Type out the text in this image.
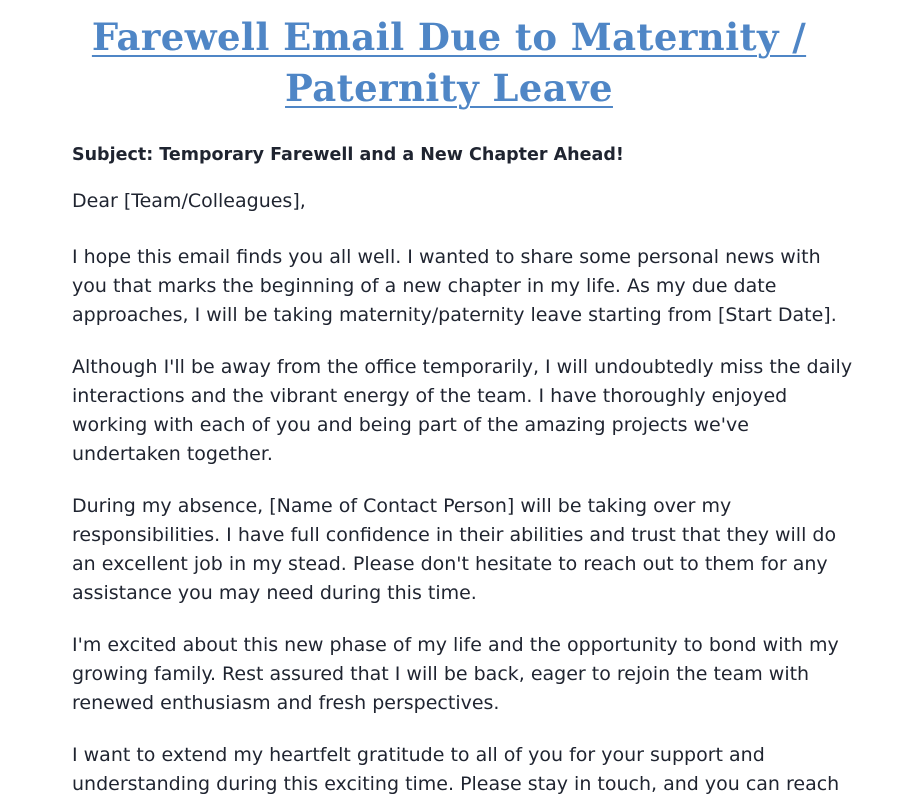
Farewell Email Due to Maternity /
Paternity Leave

Subject: Temporary Farewell and a New Chapter Ahead!

Dear [Team/Colleagues],

I hope this email finds you all well. I wanted to share some personal news with
you that marks the beginning of a new chapter in my life. As my due date
approaches, I will be taking maternity/paternity leave starting from [Start Date].

Although I'll be away from the office temporarily, I will undoubtedly miss the daily
interactions and the vibrant energy of the team. I have thoroughly enjoyed
working with each of you and being part of the amazing projects we've
undertaken together.

During my absence, [Name of Contact Person] will be taking over my
responsibilities. I have full confidence in their abilities and trust that they will do
an excellent job in my stead. Please don't hesitate to reach out to them for any
assistance you may need during this time.

I'm excited about this new phase of my life and the opportunity to bond with my
growing family. Rest assured that I will be back, eager to rejoin the team with
renewed enthusiasm and fresh perspectives.

I want to extend my heartfelt gratitude to all of you for your support and
understanding during this exciting time. Please stay in touch, and you can reach
